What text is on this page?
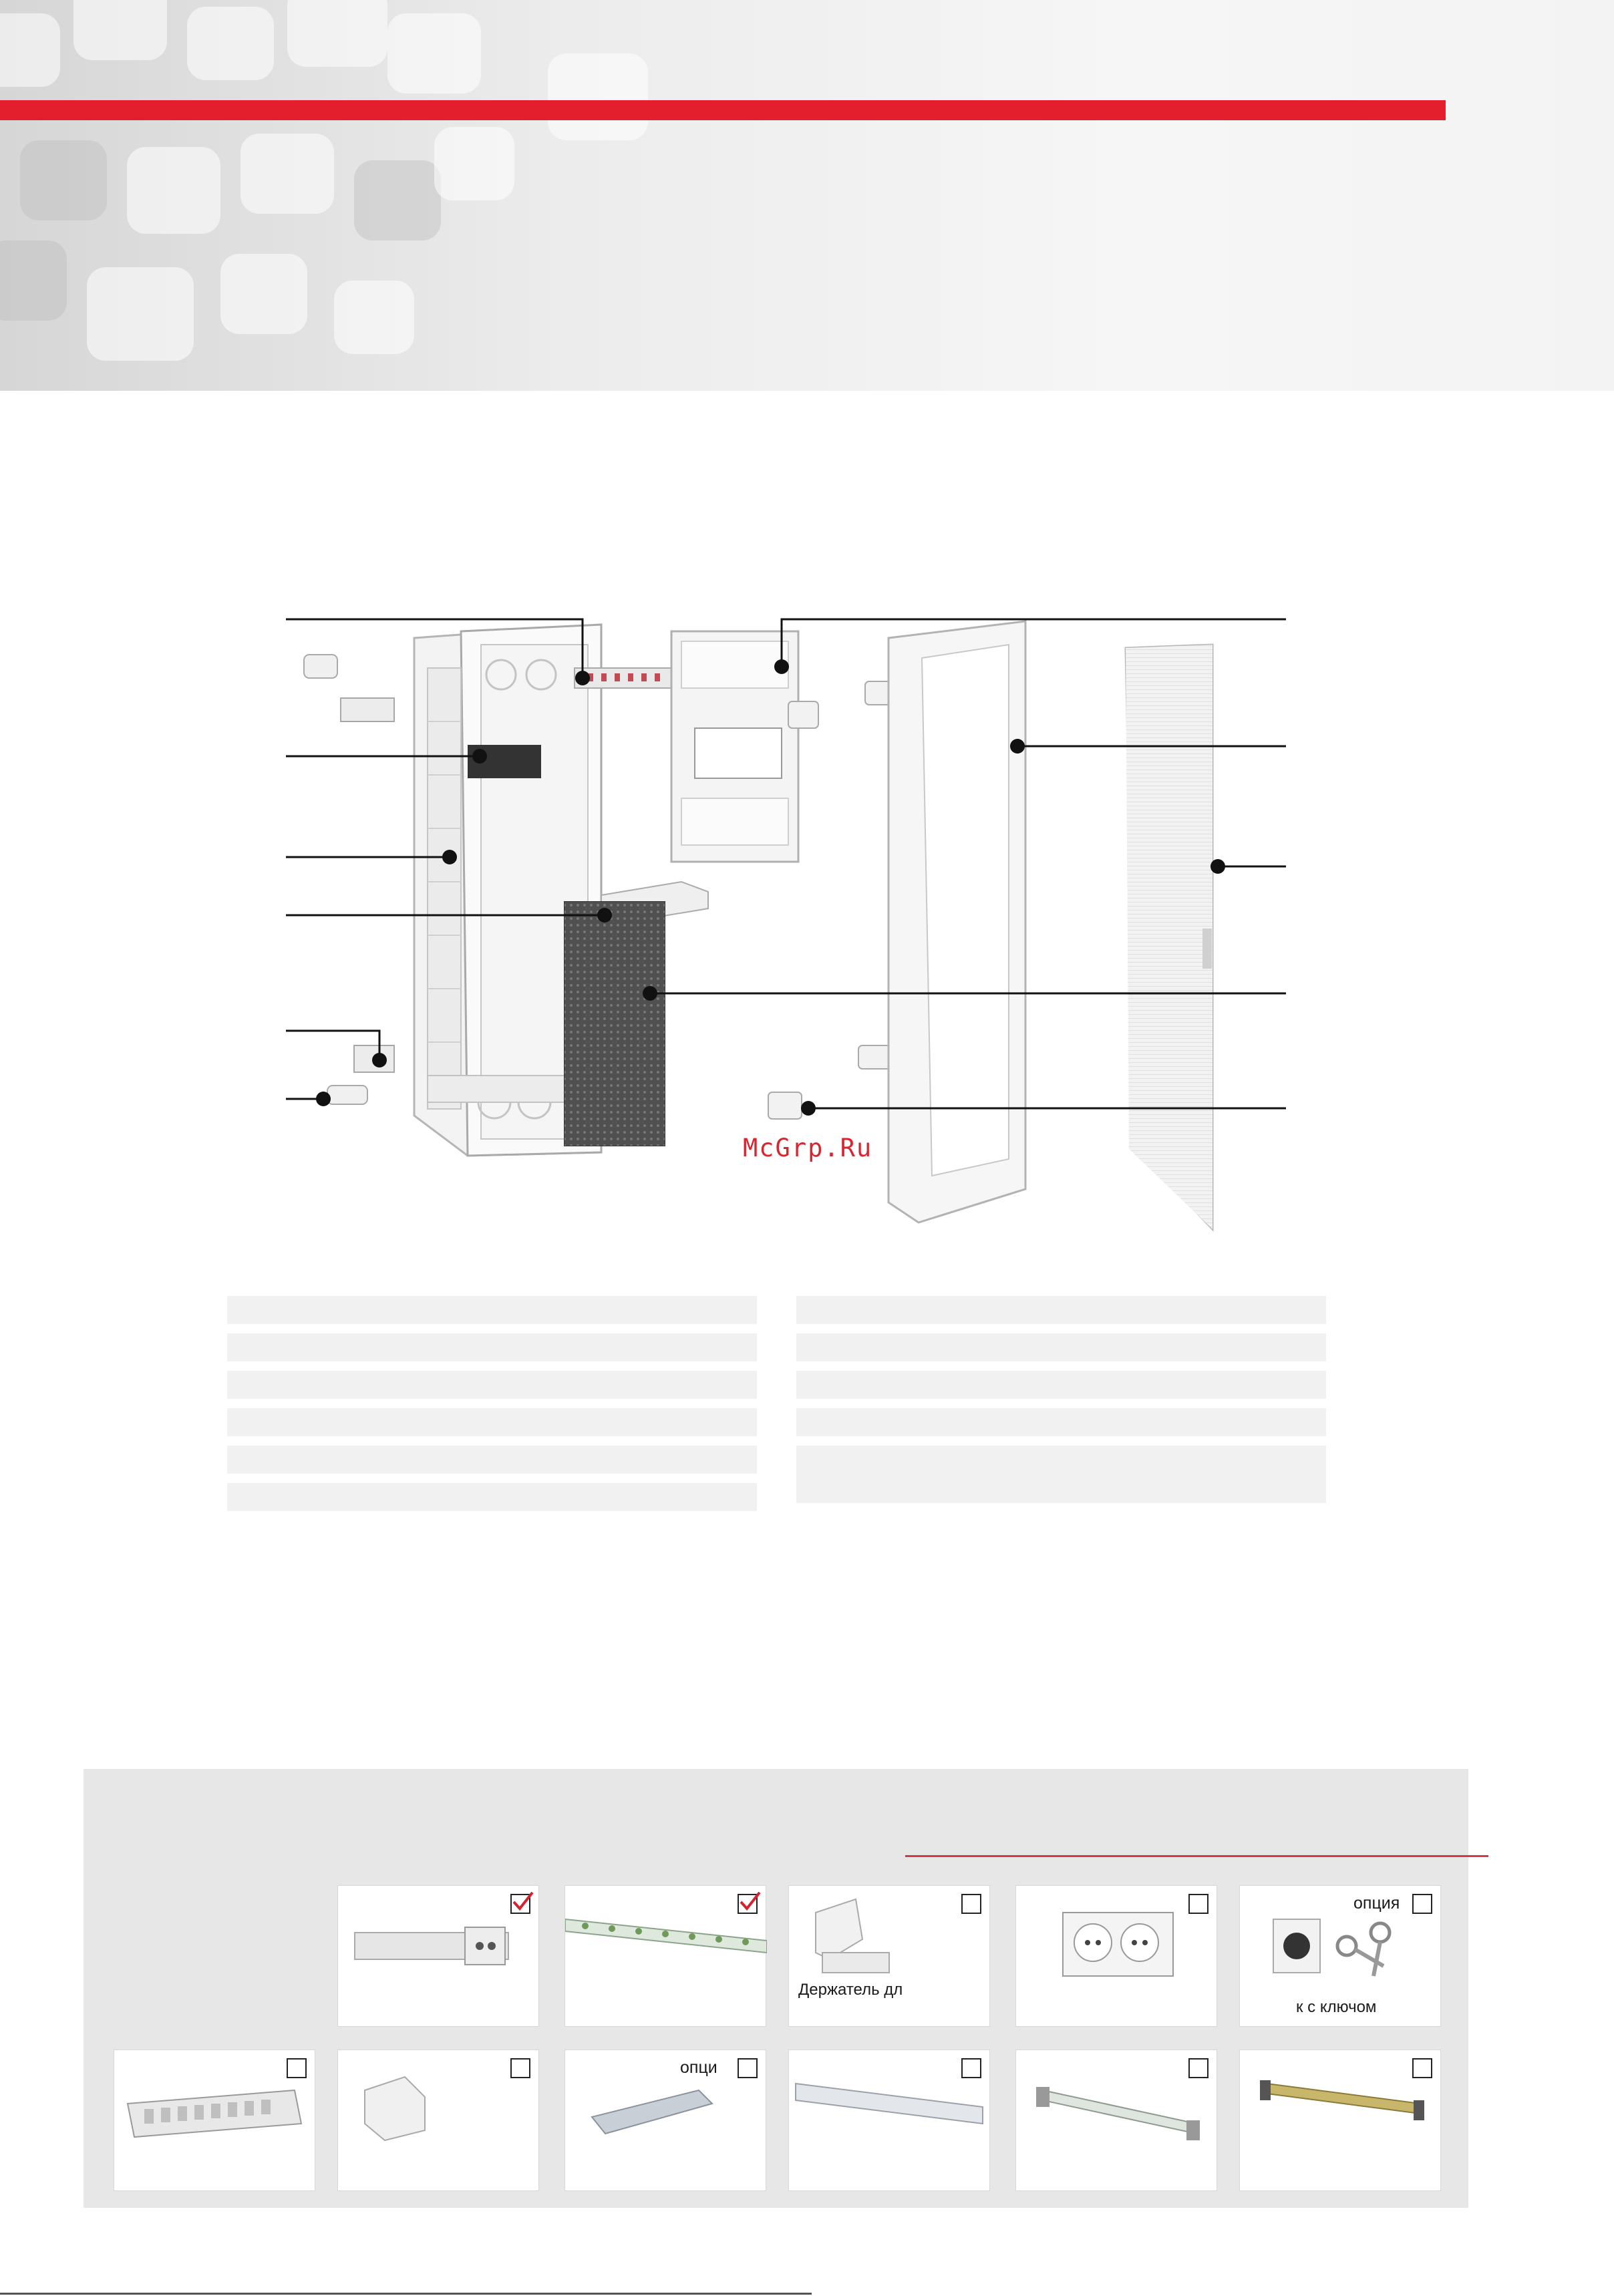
McGrp.Ru
Держатель дл
опция
к с ключом
опци
